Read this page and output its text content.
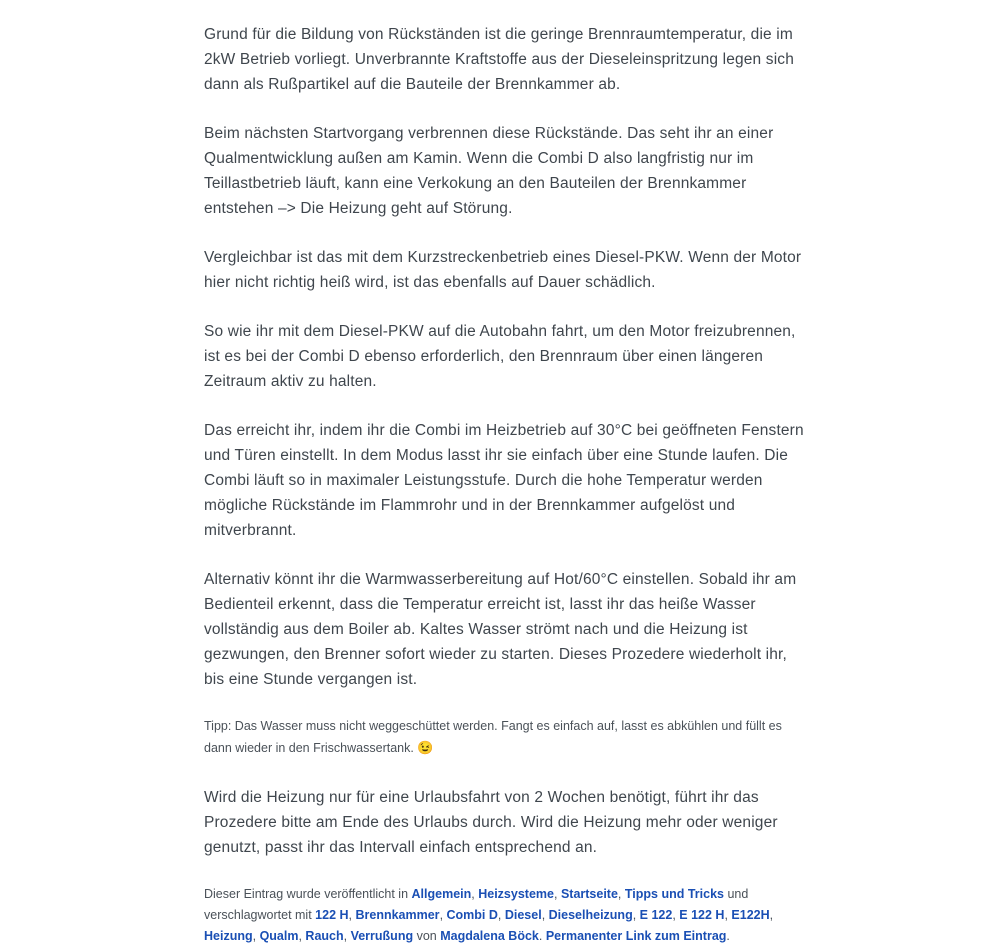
Grund für die Bildung von Rückständen ist die geringe Brennraumtemperatur, die im 2kW Betrieb vorliegt. Unverbrannte Kraftstoffe aus der Dieseleinspritzung legen sich dann als Rußpartikel auf die Bauteile der Brennkammer ab.

Beim nächsten Startvorgang verbrennen diese Rückstände. Das seht ihr an einer Qualmentwicklung außen am Kamin. Wenn die Combi D also langfristig nur im Teillastbetrieb läuft, kann eine Verkokung an den Bauteilen der Brennkammer entstehen –> Die Heizung geht auf Störung.

Vergleichbar ist das mit dem Kurzstreckenbetrieb eines Diesel-PKW. Wenn der Motor hier nicht richtig heiß wird, ist das ebenfalls auf Dauer schädlich.

So wie ihr mit dem Diesel-PKW auf die Autobahn fahrt, um den Motor freizubrennen, ist es bei der Combi D ebenso erforderlich, den Brennraum über einen längeren Zeitraum aktiv zu halten.

Das erreicht ihr, indem ihr die Combi im Heizbetrieb auf 30°C bei geöffneten Fenstern und Türen einstellt. In dem Modus lasst ihr sie einfach über eine Stunde laufen. Die Combi läuft so in maximaler Leistungsstufe. Durch die hohe Temperatur werden mögliche Rückstände im Flammrohr und in der Brennkammer aufgelöst und mitverbrannt.

Alternativ könnt ihr die Warmwasserbereitung auf Hot/60°C einstellen. Sobald ihr am Bedienteil erkennt, dass die Temperatur erreicht ist, lasst ihr das heiße Wasser vollständig aus dem Boiler ab. Kaltes Wasser strömt nach und die Heizung ist gezwungen, den Brenner sofort wieder zu starten. Dieses Prozedere wiederholt ihr, bis eine Stunde vergangen ist.

Tipp: Das Wasser muss nicht weggeschüttet werden. Fangt es einfach auf, lasst es abkühlen und füllt es dann wieder in den Frischwassertank. 😉

Wird die Heizung nur für eine Urlaubsfahrt von 2 Wochen benötigt, führt ihr das Prozedere bitte am Ende des Urlaubs durch. Wird die Heizung mehr oder weniger genutzt, passt ihr das Intervall einfach entsprechend an.

Dieser Eintrag wurde veröffentlicht in Allgemein, Heizsysteme, Startseite, Tipps und Tricks und verschlagwortet mit 122 H, Brennkammer, Combi D, Diesel, Dieselheizung, E 122, E 122 H, E122H, Heizung, Qualm, Rauch, Verrußung von Magdalena Böck. Permanenter Link zum Eintrag.
